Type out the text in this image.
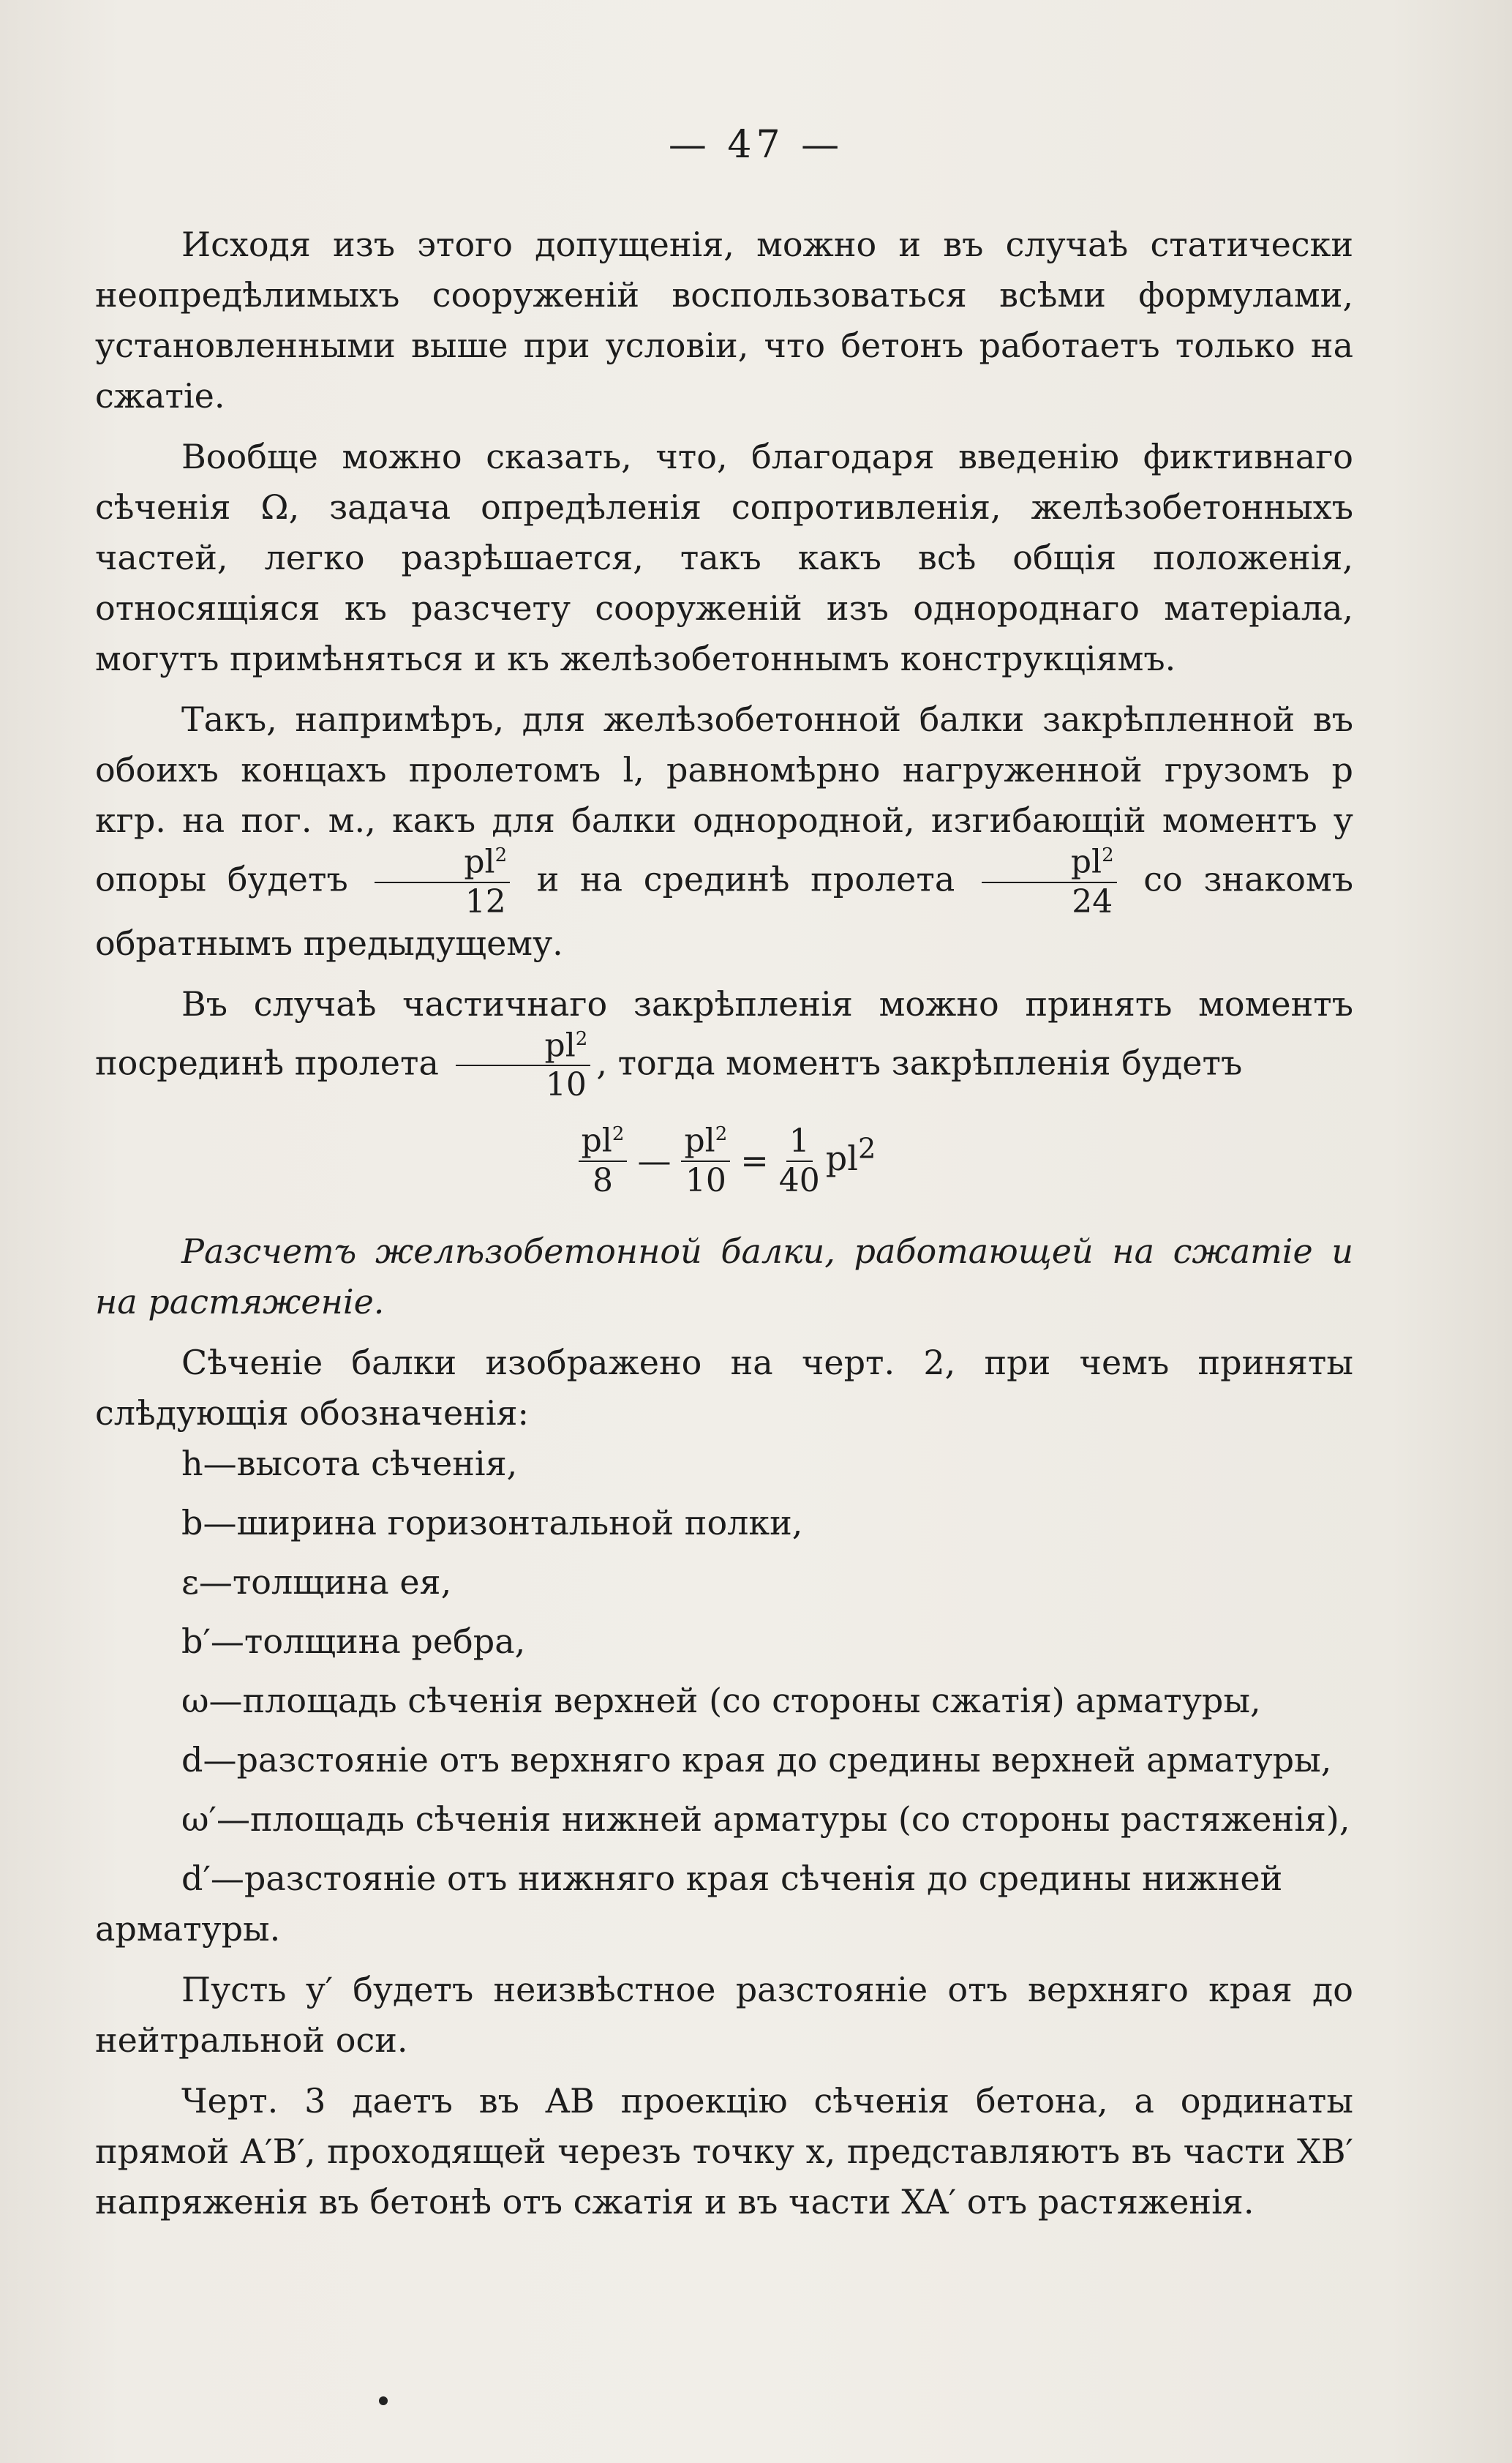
— 47 —

Исходя изъ этого допущенія, можно и въ случаѣ статически неопредѣлимыхъ сооруженій воспользоваться всѣми формулами, установленными выше при условіи, что бетонъ работаетъ только на сжатіе.

Вообще можно сказать, что, благодаря введенію фиктивнаго сѣченія Ω, задача опредѣленія сопротивленія, желѣзобетонныхъ частей, легко разрѣшается, такъ какъ всѣ общія положенія, относящіяся къ разсчету сооруженій изъ однороднаго матеріала, могутъ примѣняться и къ желѣзобетоннымъ конструкціямъ.

Такъ, напримѣръ, для желѣзобетонной балки закрѣпленной въ обоихъ концахъ пролетомъ l, равномѣрно нагруженной грузомъ p кгр. на пог. м., какъ для балки однородной, изгибающій моментъ у опоры будетъ $\frac{pl^2}{12}$ и на срединѣ пролета $\frac{pl^2}{24}$ со знакомъ обратнымъ предыдущему.

Въ случаѣ частичнаго закрѣпленія можно принять моментъ посрединѣ пролета $\frac{pl^2}{10}$ , тогда моментъ закрѣпленія будетъ

$\frac{pl^2}{8}$ — $\frac{pl^2}{10} = \frac{1}{40} pl^2$

Разсчетъ желѣзобетонной балки, работающей на сжатіе и на растяженіе.

Сѣченіе балки изображено на черт. 2, при чемъ приняты слѣдующія обозначенія:

h—высота сѣченія,
b—ширина горизонтальной полки,
ε—толщина ея,
b′—толщина ребра,
ω—площадь сѣченія верхней (со стороны сжатія) арматуры,
d—разстояніе отъ верхняго края до средины верхней арматуры,
ω′—площадь сѣченія нижней арматуры (со стороны растяженія),
d′—разстояніе отъ нижняго края сѣченія до средины нижней арматуры.

Пусть y′ будетъ неизвѣстное разстояніе отъ верхняго края до нейтральной оси.

Черт. 3 даетъ въ AB проекцію сѣченія бетона, а ординаты прямой A′B′, проходящей черезъ точку x, представляютъ въ части XB′ напряженія въ бетонѣ отъ сжатія и въ части XA′ отъ растяженія.
